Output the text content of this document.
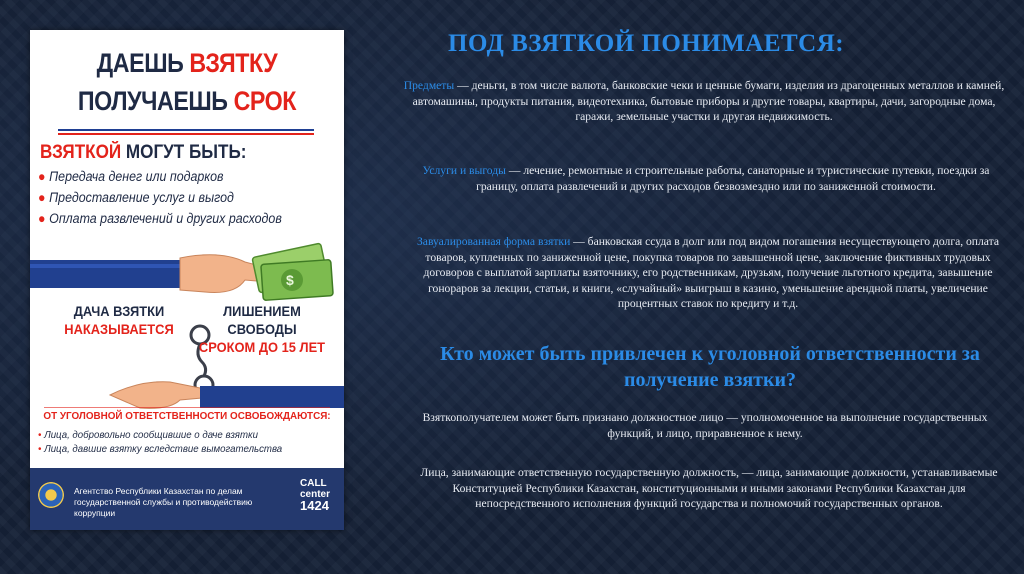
ДАЕШЬ ВЗЯТКУ
ПОЛУЧАЕШЬ СРОК
ВЗЯТКОЙ МОГУТ БЫТЬ:
● Передача денег или подарков
● Предоставление услуг и выгод
● Оплата развлечений и других расходов
$
ДАЧА ВЗЯТКИ
НАКАЗЫВАЕТСЯ
ЛИШЕНИЕМ СВОБОДЫ
СРОКОМ ДО 15 ЛЕТ
ОТ УГОЛОВНОЙ ОТВЕТСТВЕННОСТИ ОСВОБОЖДАЮТСЯ:
• Лица, добровольно сообщившие о даче взятки
• Лица, давшие взятку вследствие вымогательства
Агентство Республики Казахстан по делам государственной службы и противодействию коррупции
CALL
center
1424
ПОД ВЗЯТКОЙ ПОНИМАЕТСЯ:
Предметы — деньги, в том числе валюта, банковские чеки и ценные бумаги, изделия из драгоценных металлов и камней, автомашины, продукты питания, видеотехника, бытовые приборы и другие товары, квартиры, дачи, загородные дома, гаражи, земельные участки и другая недвижимость.
Услуги и выгоды — лечение, ремонтные и строительные работы, санаторные и туристические путевки, поездки за границу, оплата развлечений и других расходов безвозмездно или по заниженной стоимости.
Завуалированная форма взятки — банковская ссуда в долг или под видом погашения несуществующего долга, оплата товаров, купленных по заниженной цене, покупка товаров по завышенной цене, заключение фиктивных трудовых договоров с выплатой зарплаты взяточнику, его родственникам, друзьям, получение льготного кредита, завышение гонораров за лекции, статьи, и книги, «случайный» выигрыш в казино, уменьшение арендной платы, увеличение процентных ставок по кредиту и т.д.
Кто может быть привлечен к уголовной ответственности за получение взятки?
Взяткополучателем может быть признано должностное лицо — уполномоченное на выполнение государственных функций, и лицо, приравненное к нему.
Лица, занимающие ответственную государственную должность, — лица, занимающие должности, устанавливаемые Конституцией Республики Казахстан, конституционными и иными законами Республики Казахстан для непосредственного исполнения функций государства и полномочий государственных органов.
